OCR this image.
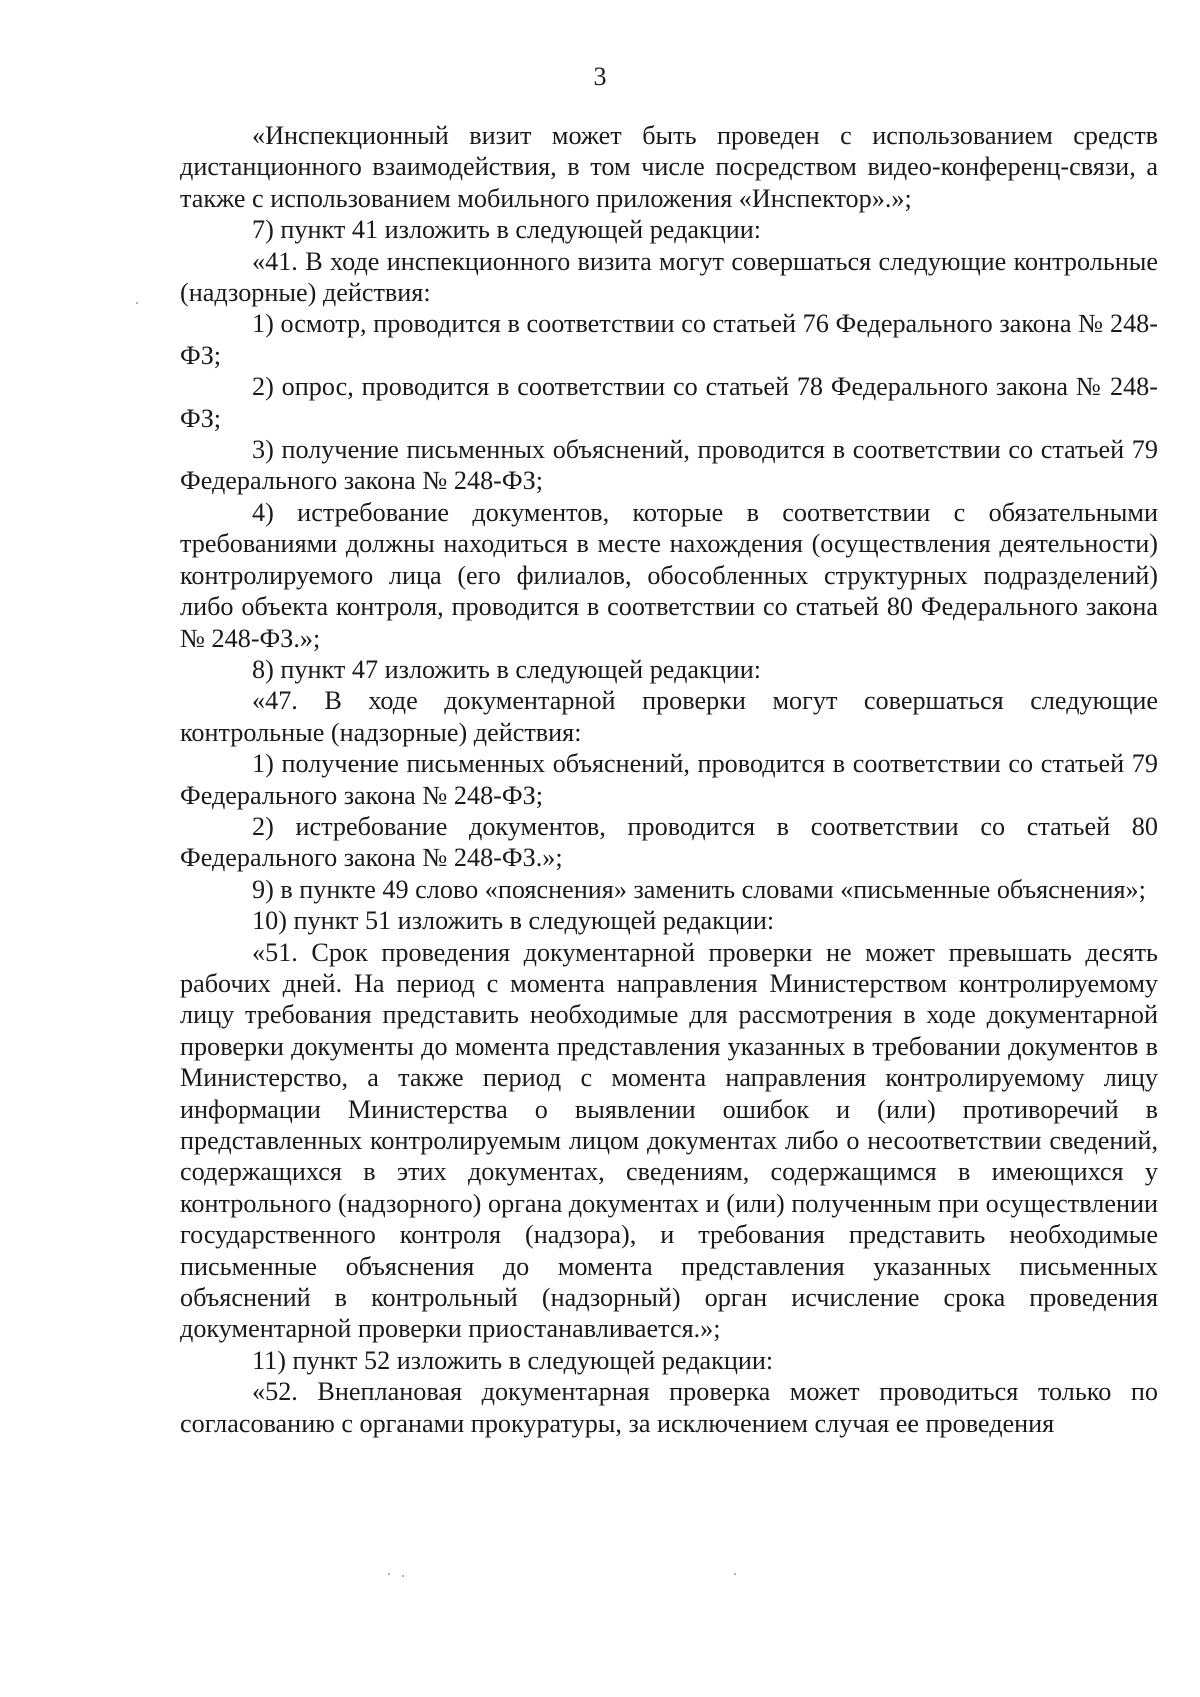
3

«Инспекционный визит может быть проведен с использованием средств дистанционного взаимодействия, в том числе посредством видео-конференц-связи, а также с использованием мобильного приложения «Инспектор».»;

7) пункт 41 изложить в следующей редакции:

«41. В ходе инспекционного визита могут совершаться следующие контрольные (надзорные) действия:

1) осмотр, проводится в соответствии со статьей 76 Федерального закона № 248-ФЗ;

2) опрос, проводится в соответствии со статьей 78 Федерального закона № 248-ФЗ;

3) получение письменных объяснений, проводится в соответствии со статьей 79 Федерального закона № 248-ФЗ;

4) истребование документов, которые в соответствии с обязательными требованиями должны находиться в месте нахождения (осуществления деятельности) контролируемого лица (его филиалов, обособленных структурных подразделений) либо объекта контроля, проводится в соответствии со статьей 80 Федерального закона № 248-ФЗ.»;

8) пункт 47 изложить в следующей редакции:

«47. В ходе документарной проверки могут совершаться следующие контрольные (надзорные) действия:

1) получение письменных объяснений, проводится в соответствии со статьей 79 Федерального закона № 248-ФЗ;

2) истребование документов, проводится в соответствии со статьей 80 Федерального закона № 248-ФЗ.»;

9) в пункте 49 слово «пояснения» заменить словами «письменные объяснения»;

10) пункт 51 изложить в следующей редакции:

«51. Срок проведения документарной проверки не может превышать десять рабочих дней. На период с момента направления Министерством контролируемому лицу требования представить необходимые для рассмотрения в ходе документарной проверки документы до момента представления указанных в требовании документов в Министерство, а также период с момента направления контролируемому лицу информации Министерства о выявлении ошибок и (или) противоречий в представленных контролируемым лицом документах либо о несоответствии сведений, содержащихся в этих документах, сведениям, содержащимся в имеющихся у контрольного (надзорного) органа документах и (или) полученным при осуществлении государственного контроля (надзора), и требования представить необходимые письменные объяснения до момента представления указанных письменных объяснений в контрольный (надзорный) орган исчисление срока проведения документарной проверки приостанавливается.»;

11) пункт 52 изложить в следующей редакции:

«52. Внеплановая документарная проверка может проводиться только по согласованию с органами прокуратуры, за исключением случая ее проведения
